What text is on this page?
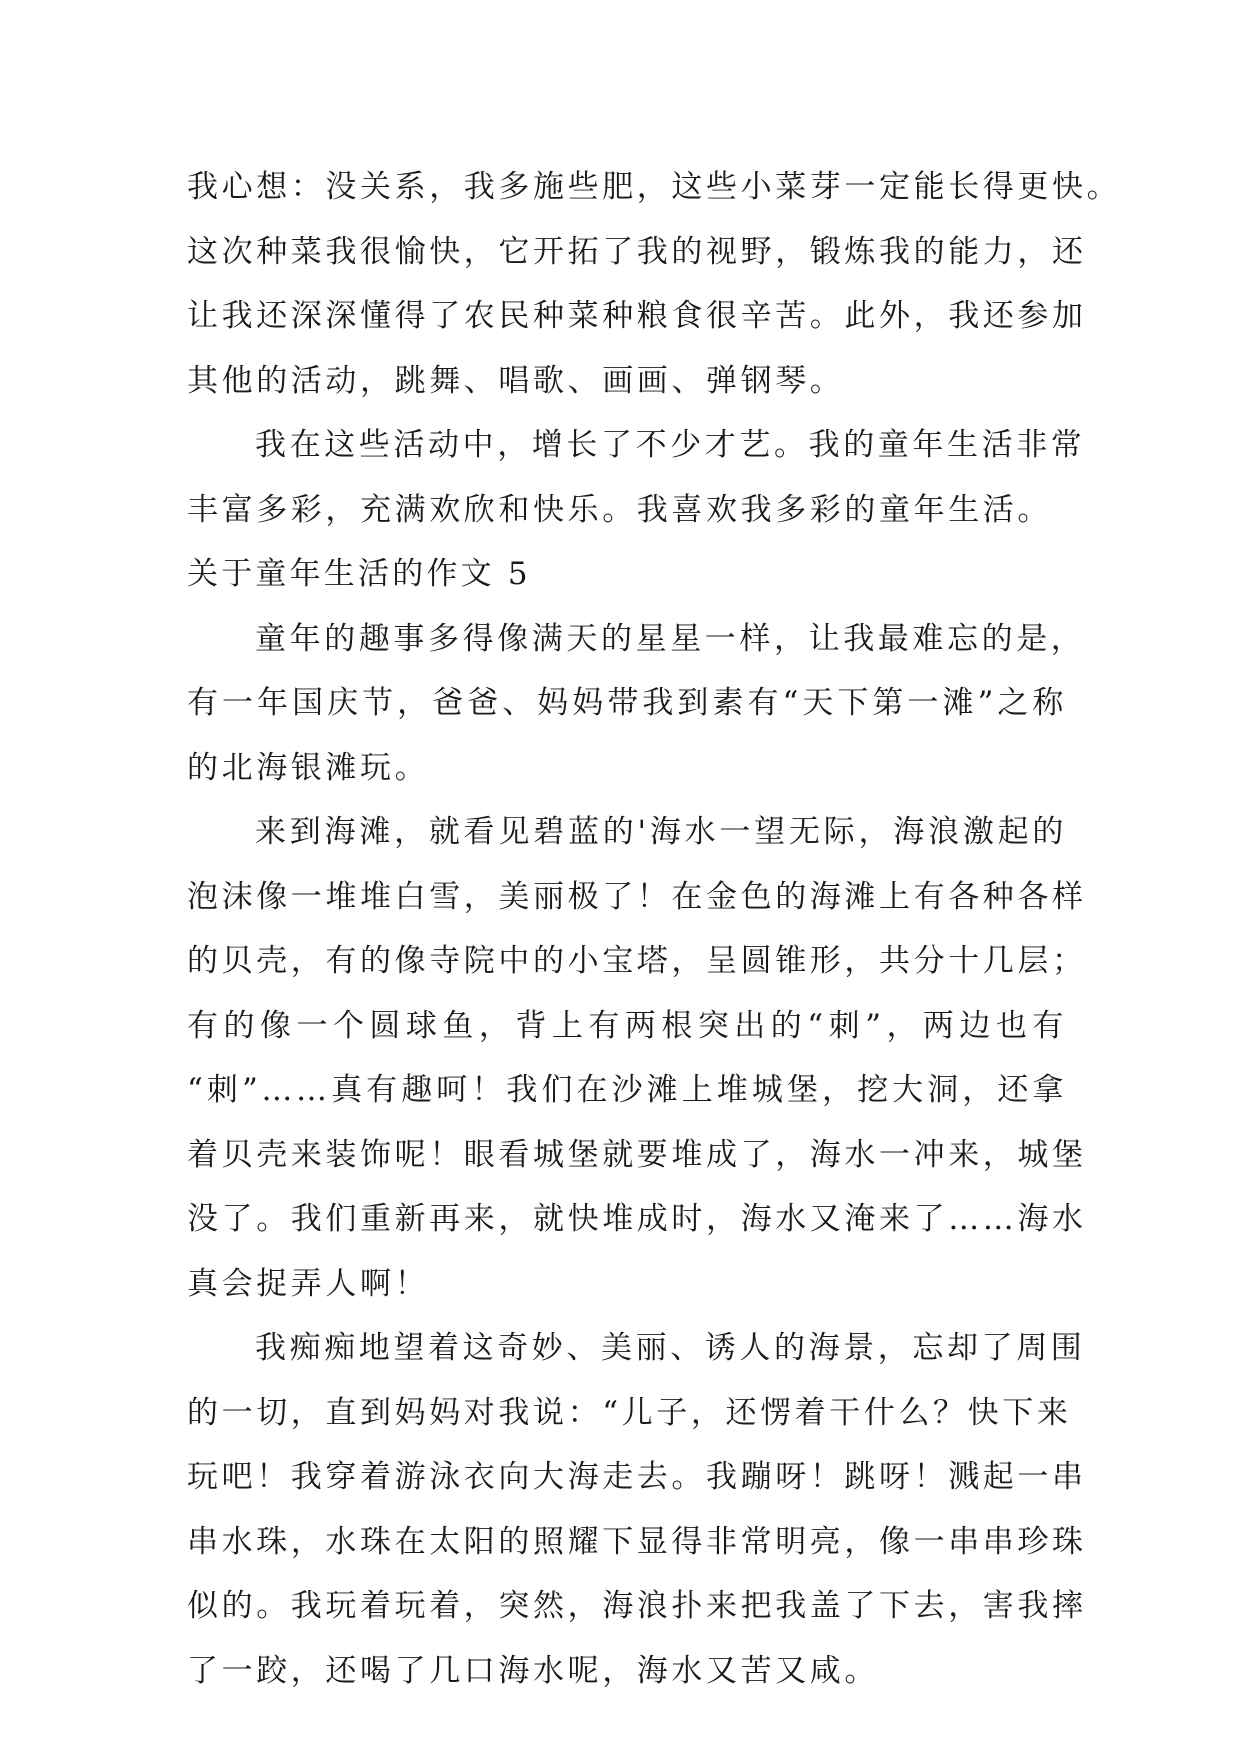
我心想：没关系，我多施些肥，这些小菜芽一定能长得更快。
这次种菜我很愉快，它开拓了我的视野，锻炼我的能力，还
让我还深深懂得了农民种菜种粮食很辛苦。此外，我还参加
其他的活动，跳舞、唱歌、画画、弹钢琴。
我在这些活动中，增长了不少才艺。我的童年生活非常
丰富多彩，充满欢欣和快乐。我喜欢我多彩的童年生活。
关于童年生活的作文 5
童年的趣事多得像满天的星星一样，让我最难忘的是，
有一年国庆节，爸爸、妈妈带我到素有“天下第一滩”之称
的北海银滩玩。
来到海滩，就看见碧蓝的'海水一望无际，海浪激起的
泡沫像一堆堆白雪，美丽极了！在金色的海滩上有各种各样
的贝壳，有的像寺院中的小宝塔，呈圆锥形，共分十几层；
有的像一个圆球鱼，背上有两根突出的“刺”，两边也有
“刺”……真有趣呵！我们在沙滩上堆城堡，挖大洞，还拿
着贝壳来装饰呢！眼看城堡就要堆成了，海水一冲来，城堡
没了。我们重新再来，就快堆成时，海水又淹来了……海水
真会捉弄人啊！
我痴痴地望着这奇妙、美丽、诱人的海景，忘却了周围
的一切，直到妈妈对我说：“儿子，还愣着干什么？快下来
玩吧！我穿着游泳衣向大海走去。我蹦呀！跳呀！溅起一串
串水珠，水珠在太阳的照耀下显得非常明亮，像一串串珍珠
似的。我玩着玩着，突然，海浪扑来把我盖了下去，害我摔
了一跤，还喝了几口海水呢，海水又苦又咸。
